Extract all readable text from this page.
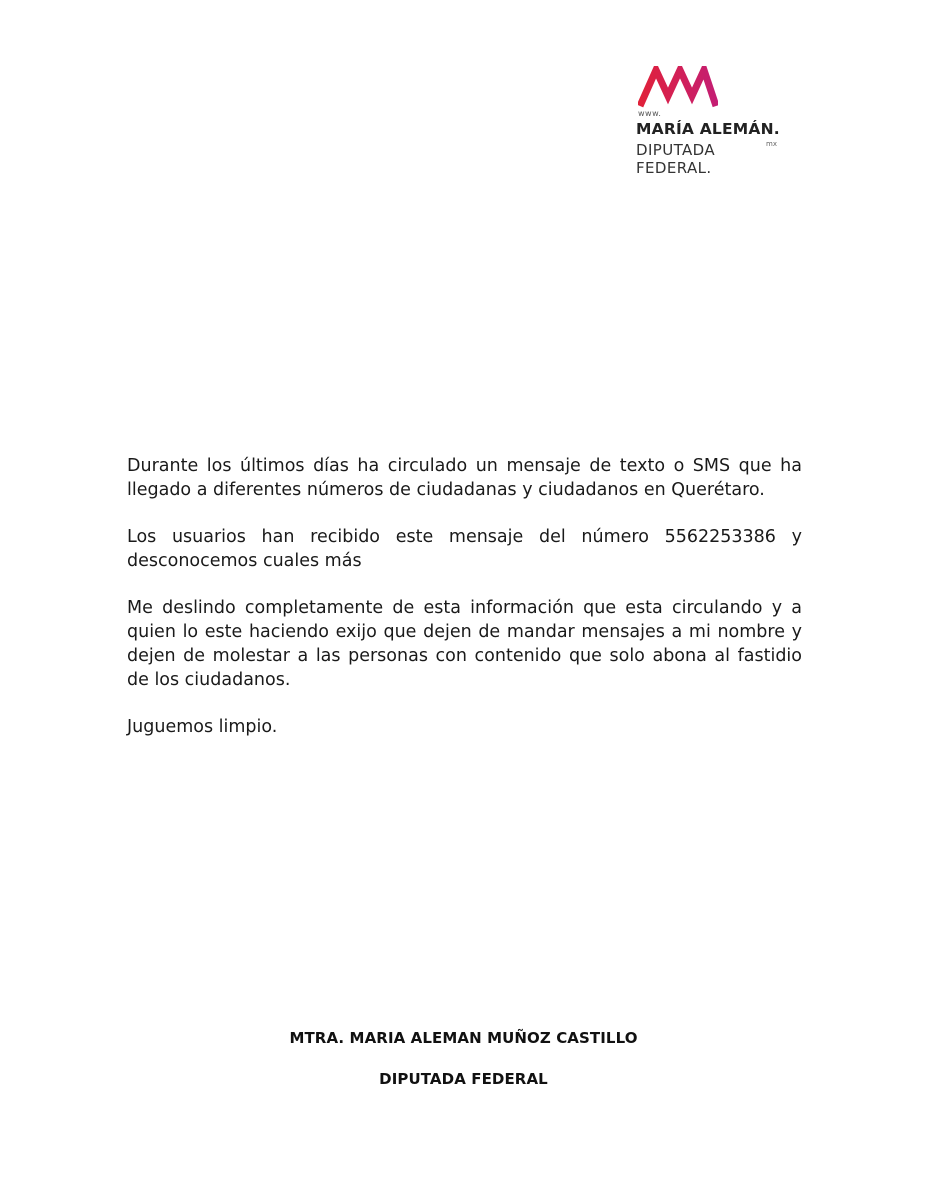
www.
MARÍA ALEMÁN.
mx
DIPUTADA
FEDERAL.

Durante los últimos días ha circulado un mensaje de texto o SMS que ha llegado a diferentes números de ciudadanas y ciudadanos en Querétaro.

Los usuarios han recibido este mensaje del número 5562253386 y desconocemos cuales más

Me deslindo completamente de esta información que esta circulando y a quien lo este haciendo exijo que dejen de mandar mensajes a mi nombre y dejen de molestar a las personas con contenido que solo abona al fastidio de los ciudadanos.

Juguemos limpio.

MTRA. MARIA ALEMAN MUÑOZ CASTILLO
DIPUTADA FEDERAL
